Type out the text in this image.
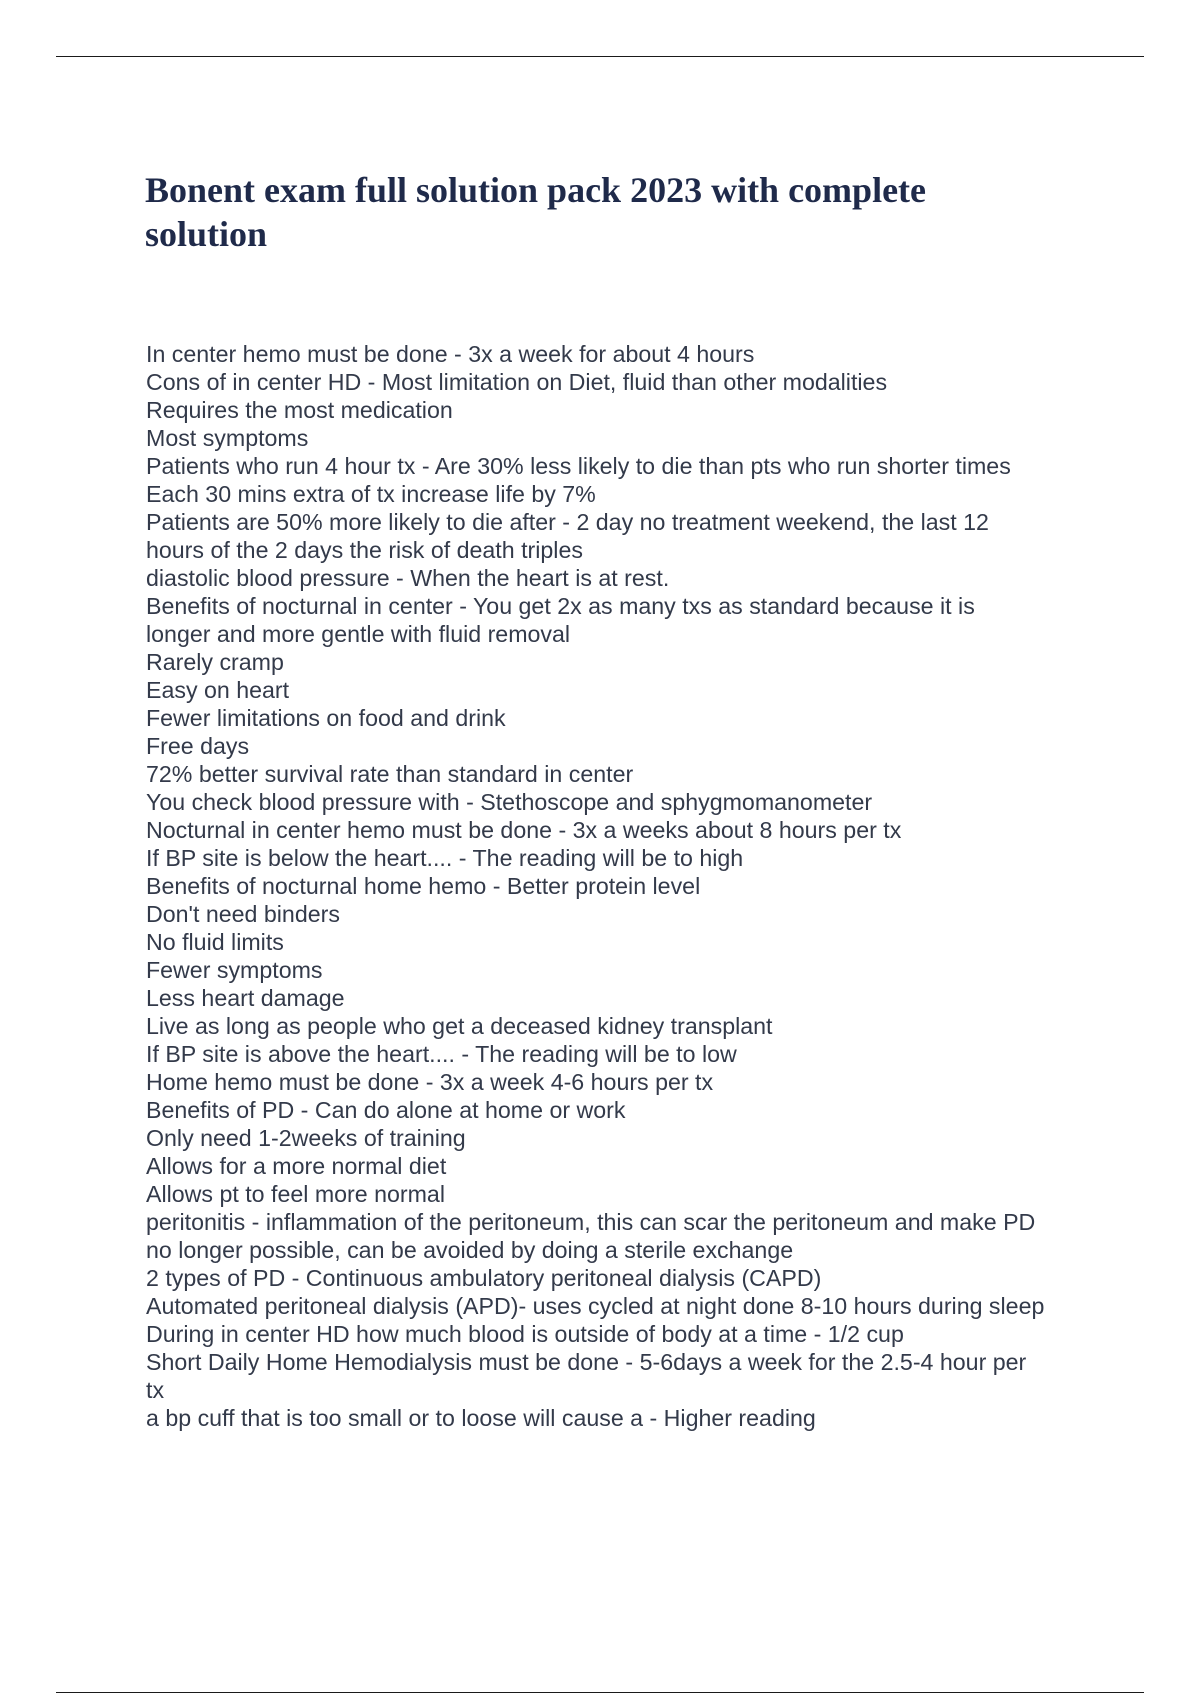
Bonent exam full solution pack 2023 with complete solution
In center hemo must be done - 3x a week for about 4 hours
Cons of in center HD - Most limitation on Diet, fluid than other modalities
Requires the most medication
Most symptoms
Patients who run 4 hour tx - Are 30% less likely to die than pts who run shorter times
Each 30 mins extra of tx increase life by 7%
Patients are 50% more likely to die after - 2 day no treatment weekend, the last 12
hours of the 2 days the risk of death triples
diastolic blood pressure - When the heart is at rest.
Benefits of nocturnal in center - You get 2x as many txs as standard because it is
longer and more gentle with fluid removal
Rarely cramp
Easy on heart
Fewer limitations on food and drink
Free days
72% better survival rate than standard in center
You check blood pressure with - Stethoscope and sphygmomanometer
Nocturnal in center hemo must be done - 3x a weeks about 8 hours per tx
If BP site is below the heart.... - The reading will be to high
Benefits of nocturnal home hemo - Better protein level
Don't need binders
No fluid limits
Fewer symptoms
Less heart damage
Live as long as people who get a deceased kidney transplant
If BP site is above the heart.... - The reading will be to low
Home hemo must be done - 3x a week 4-6 hours per tx
Benefits of PD - Can do alone at home or work
Only need 1-2weeks of training
Allows for a more normal diet
Allows pt to feel more normal
peritonitis - inflammation of the peritoneum, this can scar the peritoneum and make PD
no longer possible, can be avoided by doing a sterile exchange
2 types of PD - Continuous ambulatory peritoneal dialysis (CAPD)
Automated peritoneal dialysis (APD)- uses cycled at night done 8-10 hours during sleep
During in center HD how much blood is outside of body at a time - 1/2 cup
Short Daily Home Hemodialysis must be done - 5-6days a week for the 2.5-4 hour per
tx
a bp cuff that is too small or to loose will cause a - Higher reading
